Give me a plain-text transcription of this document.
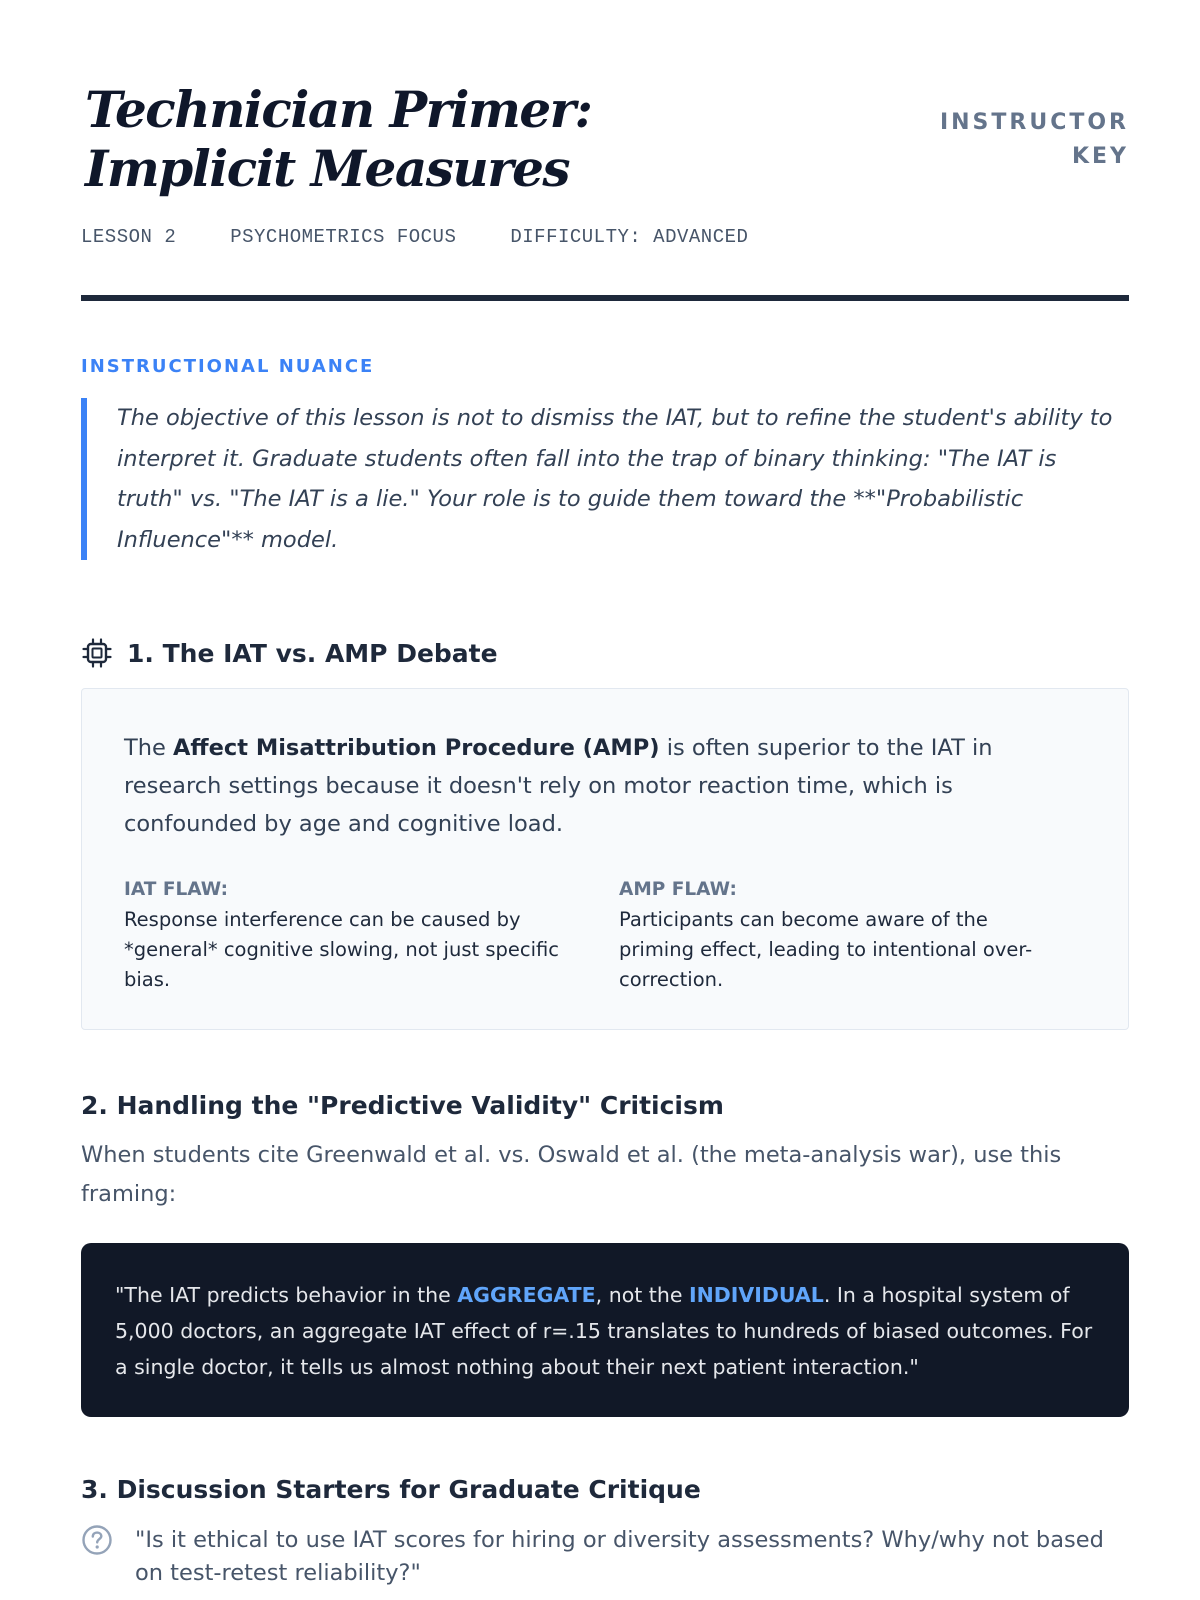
Technician Primer: Implicit Measures
INSTRUCTOR KEY
LESSON 2	PSYCHOMETRICS FOCUS	DIFFICULTY: ADVANCED
INSTRUCTIONAL NUANCE
The objective of this lesson is not to dismiss the IAT, but to refine the student's ability to interpret it. Graduate students often fall into the trap of binary thinking: "The IAT is truth" vs. "The IAT is a lie." Your role is to guide them toward the **"Probabilistic Influence"** model.
1. The IAT vs. AMP Debate

The Affect Misattribution Procedure (AMP) is often superior to the IAT in research settings because it doesn't rely on motor reaction time, which is confounded by age and cognitive load.

IAT FLAW:
Response interference can be caused by *general* cognitive slowing, not just specific bias.
AMP FLAW:
Participants can become aware of the priming effect, leading to intentional over-correction.
2. Handling the "Predictive Validity" Criticism

When students cite Greenwald et al. vs. Oswald et al. (the meta-analysis war), use this framing:

"The IAT predicts behavior in the AGGREGATE, not the INDIVIDUAL. In a hospital system of 5,000 doctors, an aggregate IAT effect of r=.15 translates to hundreds of biased outcomes. For a single doctor, it tells us almost nothing about their next patient interaction."
3. Discussion Starters for Graduate Critique
"Is it ethical to use IAT scores for hiring or diversity assessments? Why/why not based on test-retest reliability?"
